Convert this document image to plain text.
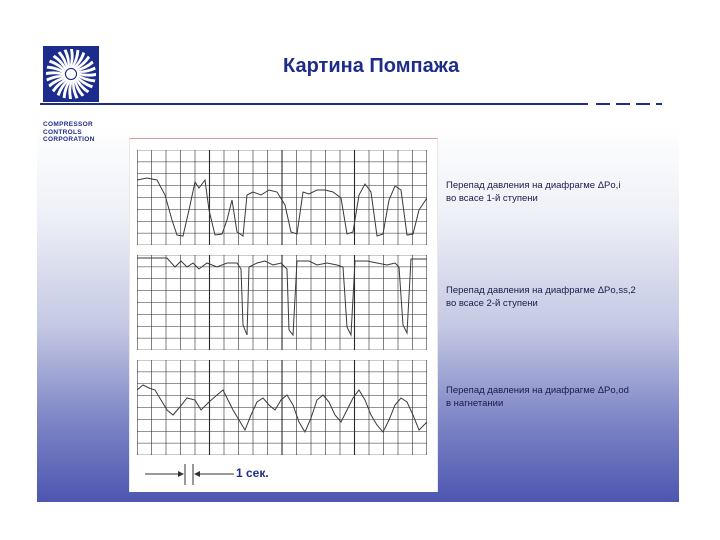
Картина Помпажа
COMPRESSOR
CONTROLS
CORPORATION
Перепад давления на диафрагме ΔPo,i
во всасе 1-й ступени
Перепад давления на диафрагме ΔPo,ss,2
во всасе 2-й ступени
Перепад давления на диафрагме ΔPo,od
в нагнетании
1 сек.
